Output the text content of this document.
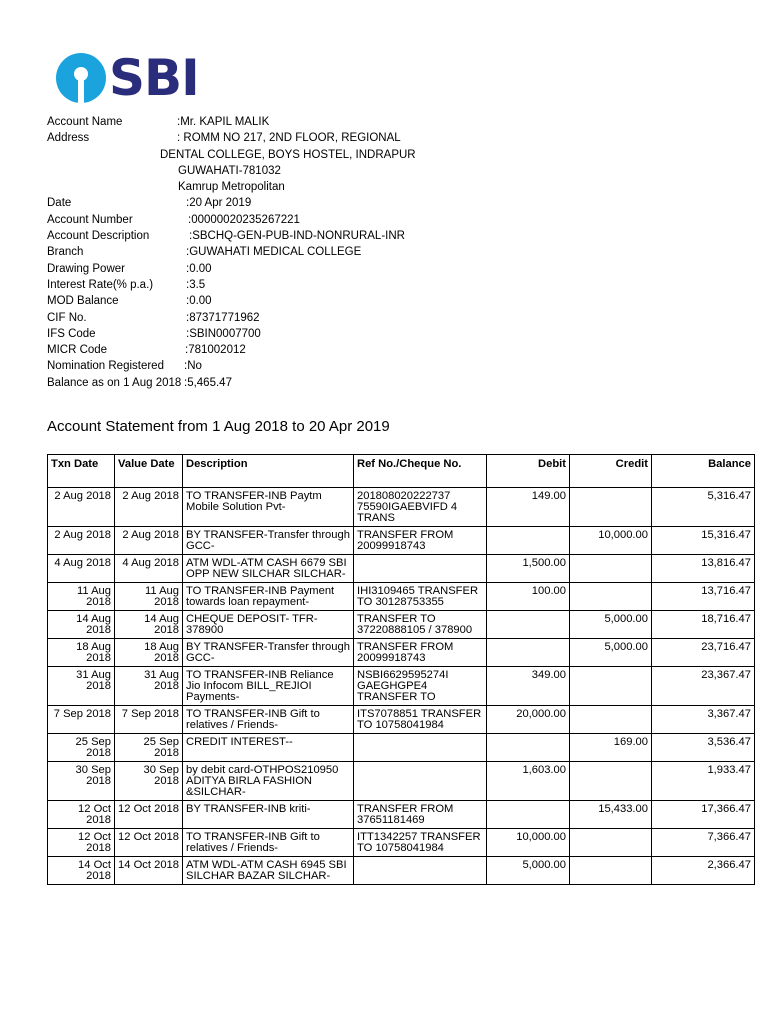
SBI
Account Name	:Mr. KAPIL MALIK
Address	: ROMM NO 217, 2ND FLOOR, REGIONAL
DENTAL COLLEGE, BOYS HOSTEL, INDRAPUR
GUWAHATI-781032
Kamrup Metropolitan
Date	:20 Apr 2019
Account Number	:00000020235267221
Account Description	:SBCHQ-GEN-PUB-IND-NONRURAL-INR
Branch	:GUWAHATI MEDICAL COLLEGE
Drawing Power	:0.00
Interest Rate(% p.a.)	:3.5
MOD Balance	:0.00
CIF No.	:87371771962
IFS Code	:SBIN0007700
MICR Code	:781002012
Nomination Registered :No
Balance as on 1 Aug 2018 :5,465.47
Account Statement from 1 Aug 2018 to 20 Apr 2019
Txn Date	Value Date	Description	Ref No./Cheque No.	Debit	Credit	Balance
2 Aug 2018	2 Aug 2018	TO TRANSFER-INB Paytm Mobile Solution Pvt-	201808020222737 75590IGAEBVIFD 4 TRANS	149.00		5,316.47
2 Aug 2018	2 Aug 2018	BY TRANSFER-Transfer through GCC-	TRANSFER FROM 20099918743		10,000.00	15,316.47
4 Aug 2018	4 Aug 2018	ATM WDL-ATM CASH 6679 SBI OPP NEW SILCHAR SILCHAR-		1,500.00		13,816.47
11 Aug 2018	11 Aug 2018	TO TRANSFER-INB Payment towards loan repayment-	IHI3109465 TRANSFER TO 30128753355	100.00		13,716.47
14 Aug 2018	14 Aug 2018	CHEQUE DEPOSIT- TFR-378900	TRANSFER TO 37220888105 / 378900		5,000.00	18,716.47
18 Aug 2018	18 Aug 2018	BY TRANSFER-Transfer through GCC-	TRANSFER FROM 20099918743		5,000.00	23,716.47
31 Aug 2018	31 Aug 2018	TO TRANSFER-INB Reliance Jio Infocom BILL_REJIOI Payments-	NSBI6629595274I GAEGHGPE4 TRANSFER TO	349.00		23,367.47
7 Sep 2018	7 Sep 2018	TO TRANSFER-INB Gift to relatives / Friends-	ITS7078851 TRANSFER TO 10758041984	20,000.00		3,367.47
25 Sep 2018	25 Sep 2018	CREDIT INTEREST--			169.00	3,536.47
30 Sep 2018	30 Sep 2018	by debit card-OTHPOS210950 ADITYA BIRLA FASHION &SILCHAR-		1,603.00		1,933.47
12 Oct 2018	12 Oct 2018	BY TRANSFER-INB kriti-	TRANSFER FROM 37651181469		15,433.00	17,366.47
12 Oct 2018	12 Oct 2018	TO TRANSFER-INB Gift to relatives / Friends-	ITT1342257 TRANSFER TO 10758041984	10,000.00		7,366.47
14 Oct 2018	14 Oct 2018	ATM WDL-ATM CASH 6945 SBI SILCHAR BAZAR SILCHAR-		5,000.00		2,366.47
